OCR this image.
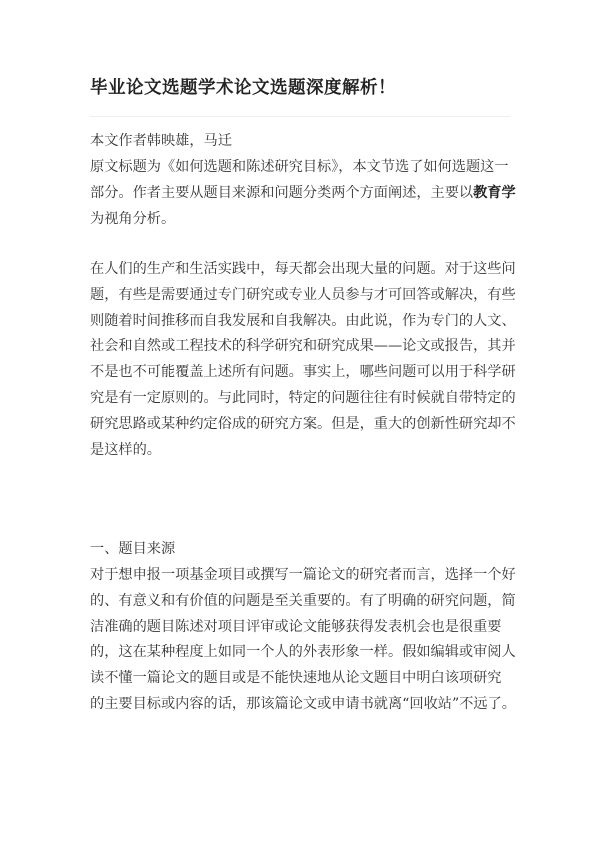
毕业论文选题学术论文选题深度解析！

本文作者韩映雄，马迁

原文标题为《如何选题和陈述研究目标》，本文节选了如何选题这一
部分。作者主要从题目来源和问题分类两个方面阐述，主要以教育学
为视角分析。

在人们的生产和生活实践中，每天都会出现大量的问题。对于这些问
题，有些是需要通过专门研究或专业人员参与才可回答或解决，有些
则随着时间推移而自我发展和自我解决。由此说，作为专门的人文、
社会和自然或工程技术的科学研究和研究成果——论文或报告，其并
不是也不可能覆盖上述所有问题。事实上，哪些问题可以用于科学研
究是有一定原则的。与此同时，特定的问题往往有时候就自带特定的
研究思路或某种约定俗成的研究方案。但是，重大的创新性研究却不
是这样的。

一、题目来源

对于想申报一项基金项目或撰写一篇论文的研究者而言，选择一个好
的、有意义和有价值的问题是至关重要的。有了明确的研究问题，简
洁准确的题目陈述对项目评审或论文能够获得发表机会也是很重要
的，这在某种程度上如同一个人的外表形象一样。假如编辑或审阅人
读不懂一篇论文的题目或是不能快速地从论文题目中明白该项研究
的主要目标或内容的话，那该篇论文或申请书就离“回收站”不远了。
